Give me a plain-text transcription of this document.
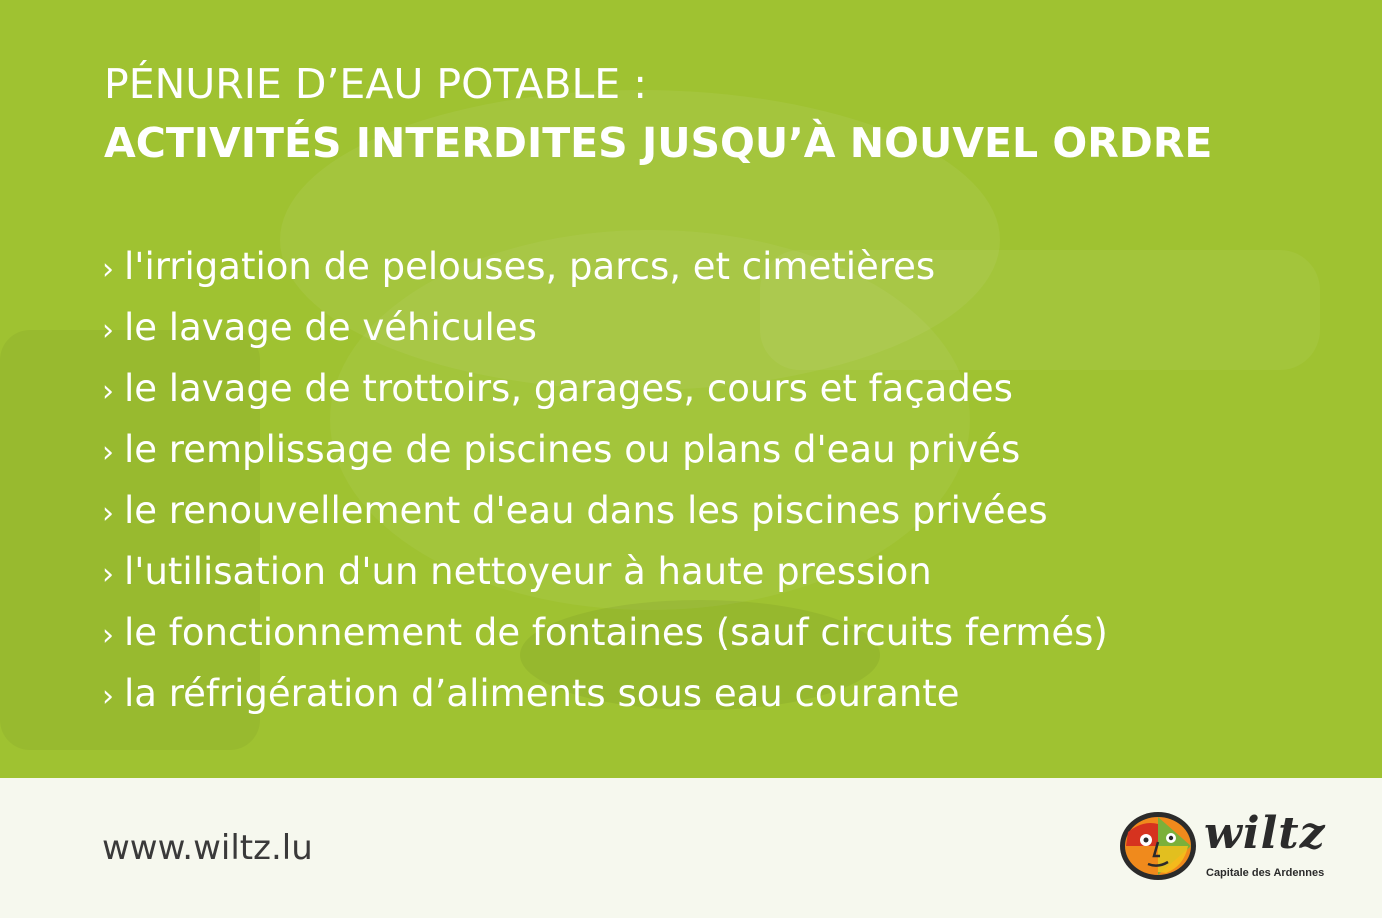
PÉNURIE D’EAU POTABLE :
ACTIVITÉS INTERDITES JUSQU’À NOUVEL ORDRE
› l'irrigation de pelouses, parcs, et cimetières
› le lavage de véhicules
› le lavage de trottoirs, garages, cours et façades
› le remplissage de piscines ou plans d'eau privés
› le renouvellement d'eau dans les piscines privées
› l'utilisation d'un nettoyeur à haute pression
› le fonctionnement de fontaines (sauf circuits fermés)
› la réfrigération d’aliments sous eau courante
www.wiltz.lu	wiltz
Capitale des Ardennes
